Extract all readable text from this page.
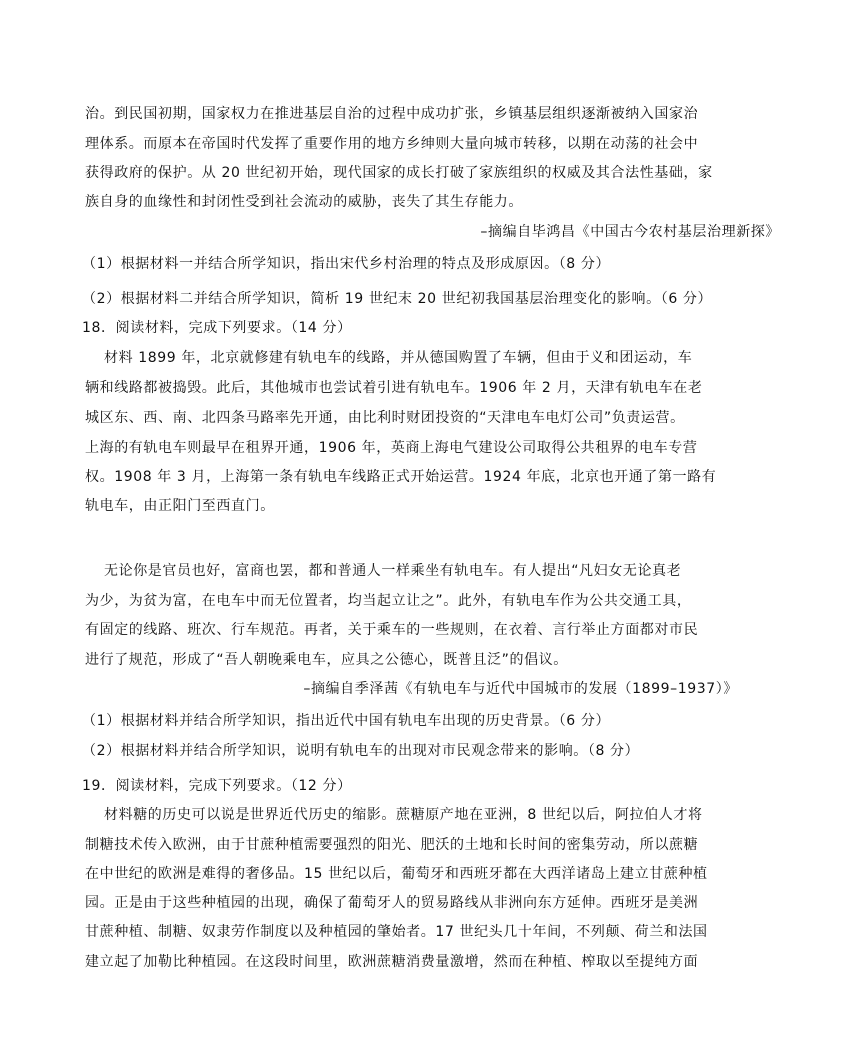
治。到民国初期，国家权力在推进基层自治的过程中成功扩张，乡镇基层组织逐渐被纳入国家治
理体系。而原本在帝国时代发挥了重要作用的地方乡绅则大量向城市转移，以期在动荡的社会中
获得政府的保护。从 20 世纪初开始，现代国家的成长打破了家族组织的权威及其合法性基础，家
族自身的血缘性和封闭性受到社会流动的威胁，丧失了其生存能力。
–摘编自毕鸿昌《中国古今农村基层治理新探》
（1）根据材料一并结合所学知识，指出宋代乡村治理的特点及形成原因。（8 分）
（2）根据材料二并结合所学知识，简析 19 世纪末 20 世纪初我国基层治理变化的影响。（6 分）
18．阅读材料，完成下列要求。（14 分）
材料 1899 年，北京就修建有轨电车的线路，并从德国购置了车辆，但由于义和团运动，车
辆和线路都被捣毁。此后，其他城市也尝试着引进有轨电车。1906 年 2 月，天津有轨电车在老
城区东、西、南、北四条马路率先开通，由比利时财团投资的“天津电车电灯公司”负责运营。
上海的有轨电车则最早在租界开通，1906 年，英商上海电气建设公司取得公共租界的电车专营
权。1908 年 3 月，上海第一条有轨电车线路正式开始运营。1924 年底，北京也开通了第一路有
轨电车，由正阳门至西直门。
无论你是官员也好，富商也罢，都和普通人一样乘坐有轨电车。有人提出“凡妇女无论真老
为少，为贫为富，在电车中而无位置者，均当起立让之”。此外，有轨电车作为公共交通工具，
有固定的线路、班次、行车规范。再者，关于乘车的一些规则，在衣着、言行举止方面都对市民
进行了规范，形成了“吾人朝晚乘电车，应具之公德心，既普且泛”的倡议。
–摘编自季泽茜《有轨电车与近代中国城市的发展（1899–1937）》
（1）根据材料并结合所学知识，指出近代中国有轨电车出现的历史背景。（6 分）
（2）根据材料并结合所学知识，说明有轨电车的出现对市民观念带来的影响。（8 分）
19．阅读材料，完成下列要求。（12 分）
材料糖的历史可以说是世界近代历史的缩影。蔗糖原产地在亚洲，8 世纪以后，阿拉伯人才将
制糖技术传入欧洲，由于甘蔗种植需要强烈的阳光、肥沃的土地和长时间的密集劳动，所以蔗糖
在中世纪的欧洲是难得的奢侈品。15 世纪以后，葡萄牙和西班牙都在大西洋诸岛上建立甘蔗种植
园。正是由于这些种植园的出现，确保了葡萄牙人的贸易路线从非洲向东方延伸。西班牙是美洲
甘蔗种植、制糖、奴隶劳作制度以及种植园的肇始者。17 世纪头几十年间，不列颠、荷兰和法国
建立起了加勒比种植园。在这段时间里，欧洲蔗糖消费量激增，然而在种植、榨取以至提纯方面
